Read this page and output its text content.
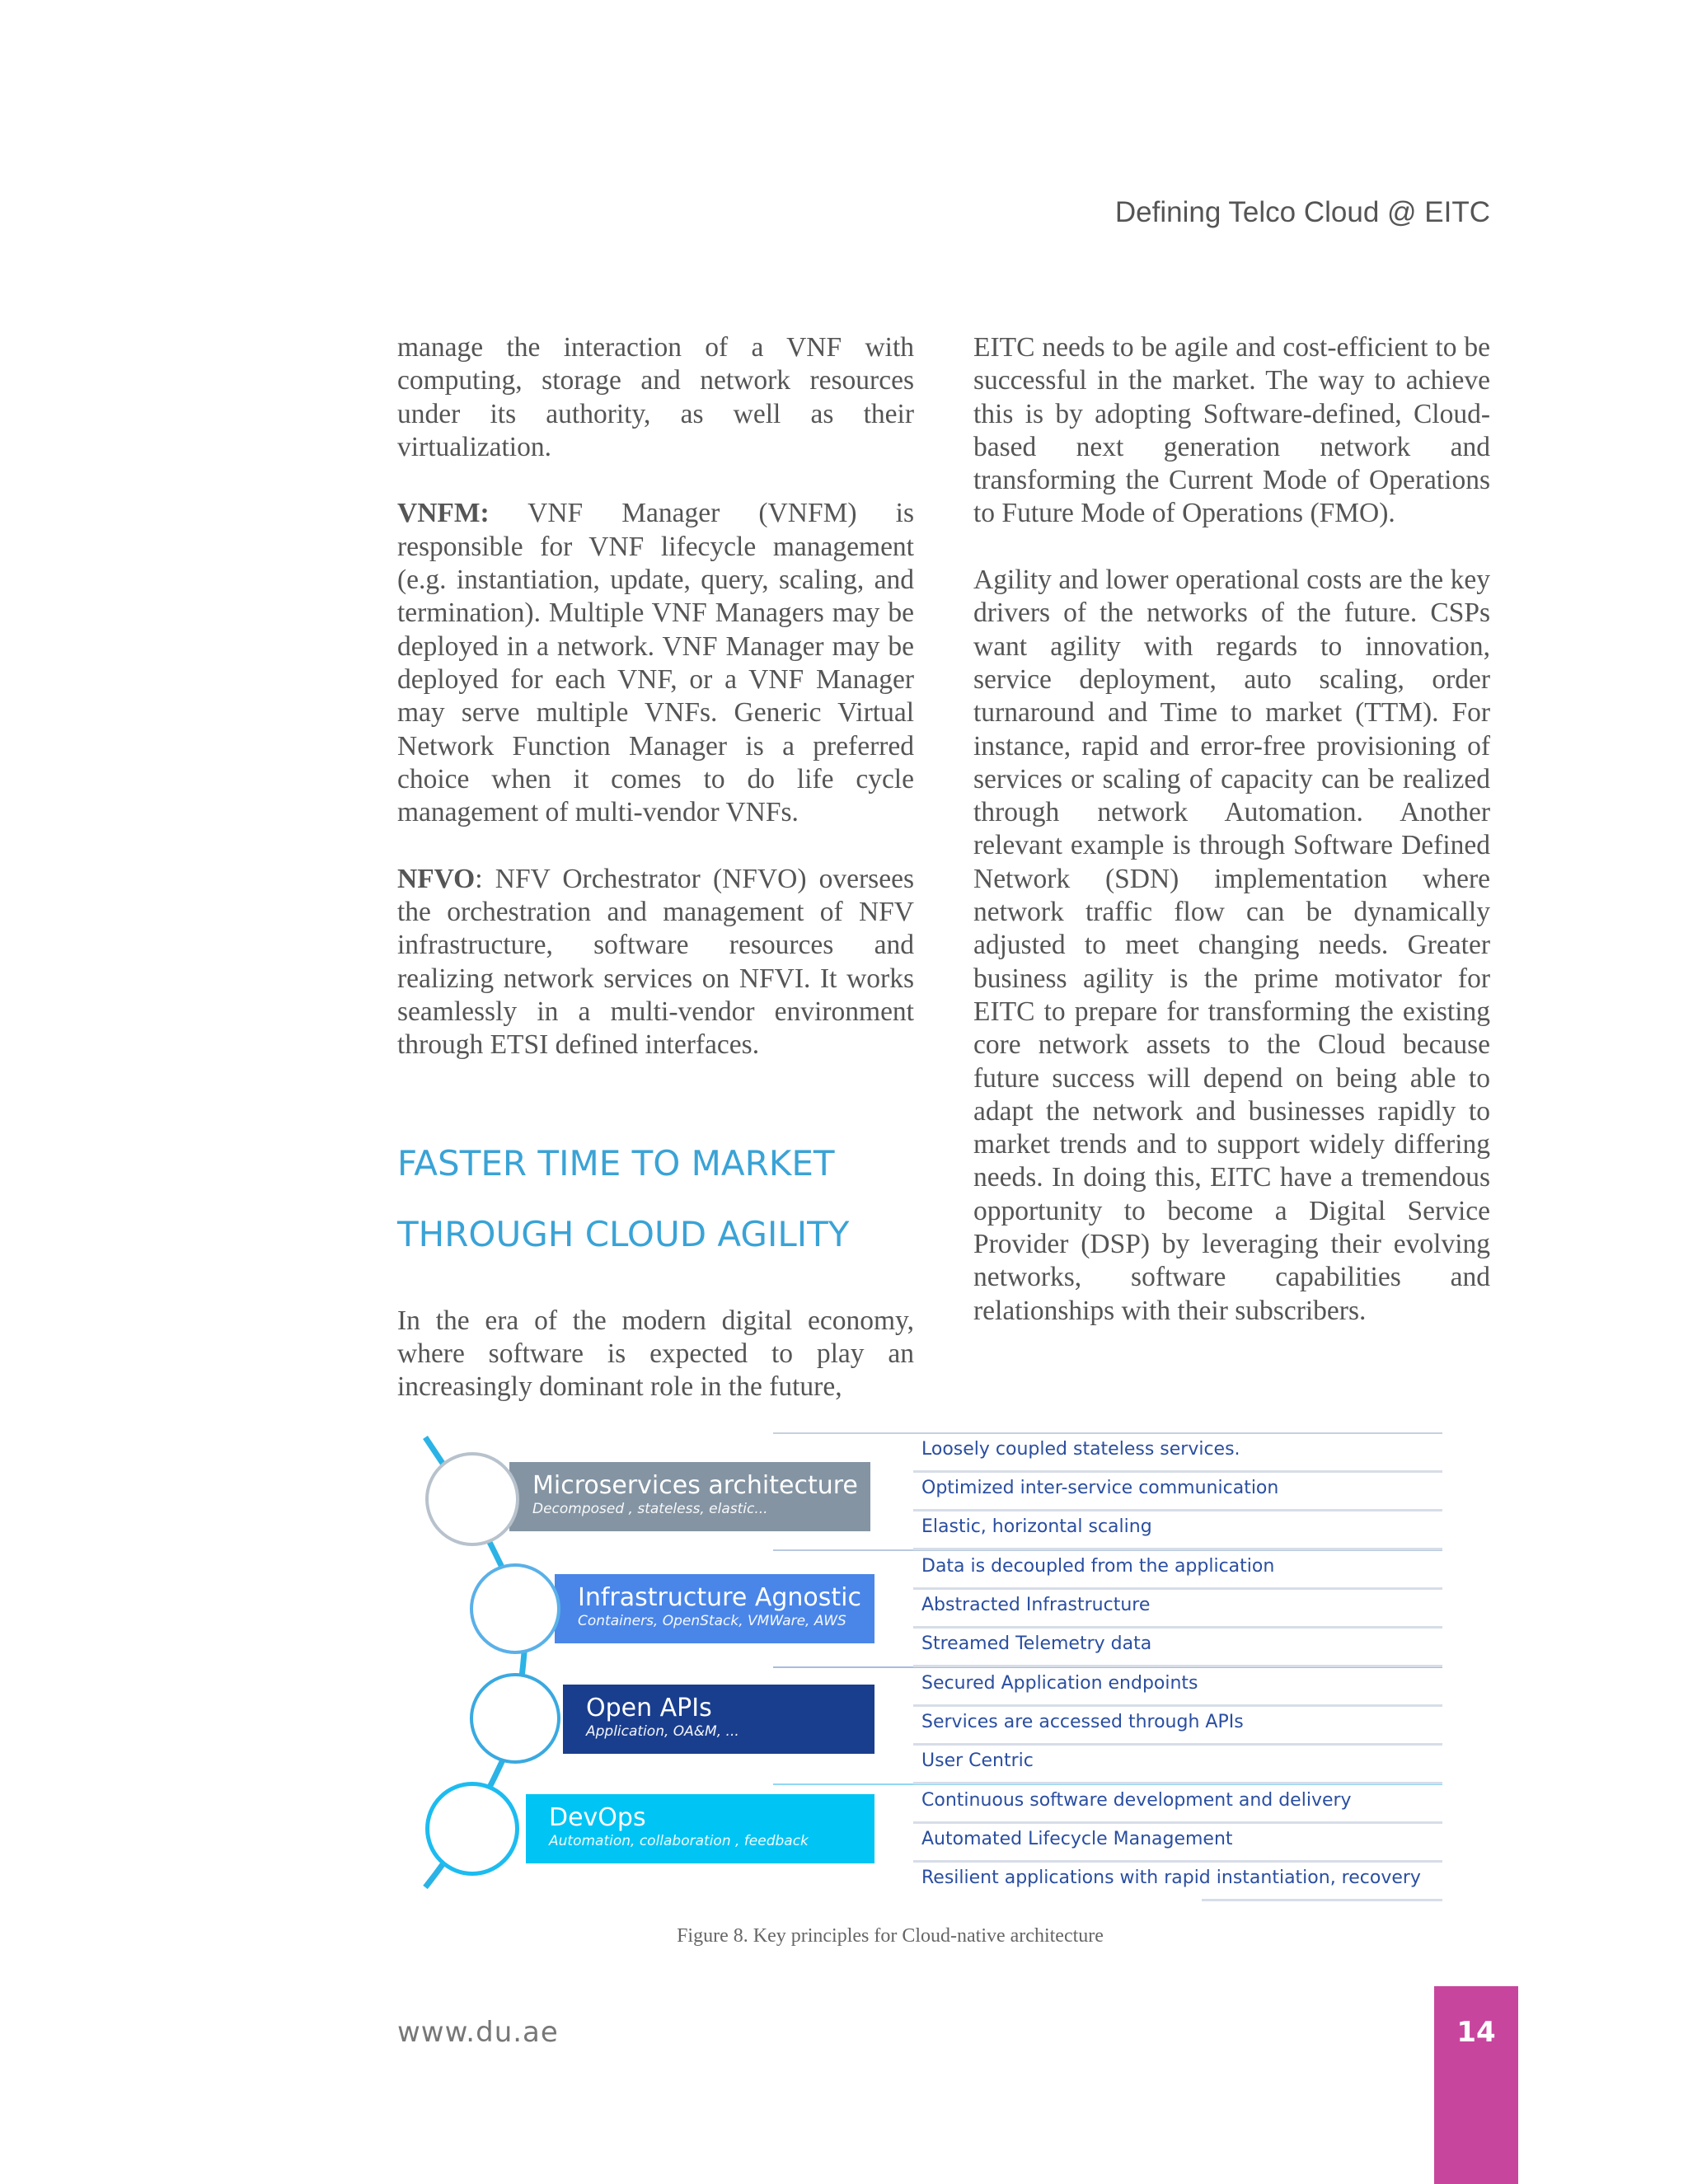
Defining Telco Cloud @ EITC

manage the interaction of a VNF with computing, storage and network resources under its authority, as well as their virtualization.

VNFM: VNF Manager (VNFM) is responsible for VNF lifecycle management (e.g. instantiation, update, query, scaling, and termination). Multiple VNF Managers may be deployed in a network. VNF Manager may be deployed for each VNF, or a VNF Manager may serve multiple VNFs. Generic Virtual Network Function Manager is a preferred choice when it comes to do life cycle management of multi-vendor VNFs.

NFVO: NFV Orchestrator (NFVO) oversees the orchestration and management of NFV infrastructure, software resources and realizing network services on NFVI. It works seamlessly in a multi-vendor environment through ETSI defined interfaces.

FASTER TIME TO MARKET
THROUGH CLOUD AGILITY

In the era of the modern digital economy, where software is expected to play an increasingly dominant role in the future,

EITC needs to be agile and cost-efficient to be successful in the market. The way to achieve this is by adopting Software-defined, Cloud-based next generation network and transforming the Current Mode of Operations to Future Mode of Operations (FMO).

Agility and lower operational costs are the key drivers of the networks of the future. CSPs want agility with regards to innovation, service deployment, auto scaling, order turnaround and Time to market (TTM). For instance, rapid and error-free provisioning of services or scaling of capacity can be realized through network Automation. Another relevant example is through Software Defined Network (SDN) implementation where network traffic flow can be dynamically adjusted to meet changing needs. Greater business agility is the prime motivator for EITC to prepare for transforming the existing core network assets to the Cloud because future success will depend on being able to adapt the network and businesses rapidly to market trends and to support widely differing needs. In doing this, EITC have a tremendous opportunity to become a Digital Service Provider (DSP) by leveraging their evolving networks, software capabilities and relationships with their subscribers.

Microservices architecture
Decomposed , stateless, elastic...
Infrastructure Agnostic
Containers, OpenStack, VMWare, AWS
Open APIs
Application, OA&M, ...
DevOps
Automation, collaboration , feedback
Loosely coupled stateless services.
Optimized inter-service communication
Elastic, horizontal scaling
Data is decoupled from the application
Abstracted Infrastructure
Streamed Telemetry data
Secured Application endpoints
Services are accessed through APIs
User Centric
Continuous software development and delivery
Automated Lifecycle Management
Resilient applications with rapid instantiation, recovery
Figure 8. Key principles for Cloud-native architecture
www.du.ae	14
